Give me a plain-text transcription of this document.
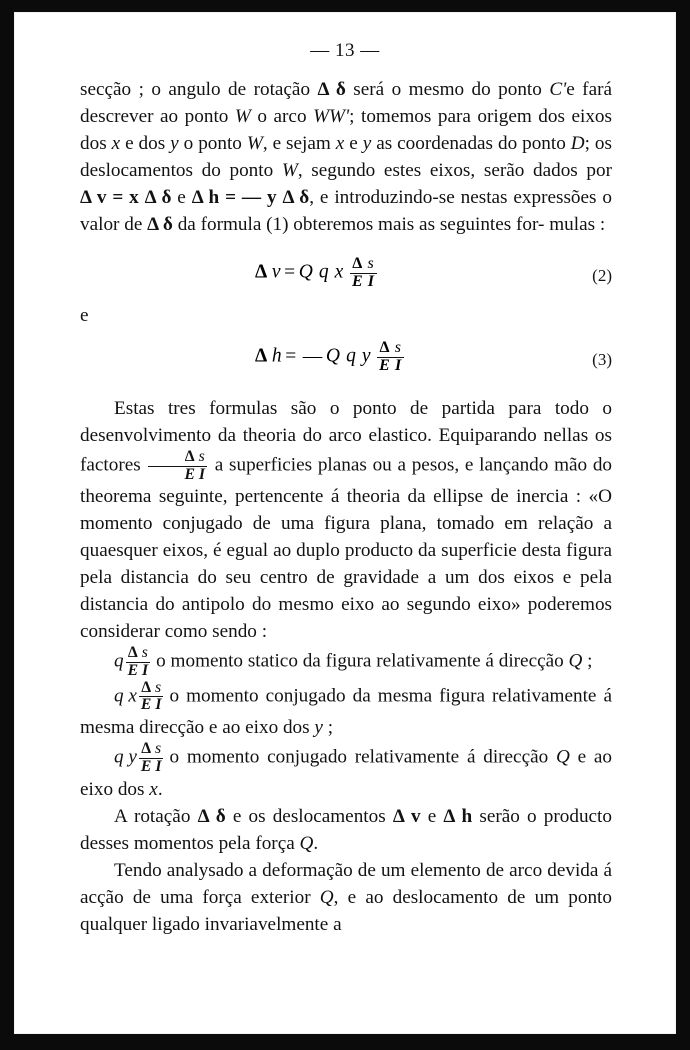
— 13 —

secção ; o angulo de rotação Δ δ será o mesmo do ponto C'e fará descrever ao ponto W o arco WW'; tomemos para origem dos eixos dos x e dos y o ponto W, e sejam x e y as coordenadas do ponto D; os deslocamentos do ponto W, segundo estes eixos, serão dados por Δ v = x Δ δ e Δ h = — y Δ δ, e introduzindo-se nestas expressões o valor de Δ δ da formula (1) obteremos mais as seguintes for- mulas :

Δ v = Q q x $\frac{\text{Δ s}}{\text{E I}}$	(2)

e

Δ h = — Q q y $\frac{\text{Δ s}}{\text{E I}}$	(3)

Estas tres formulas são o ponto de partida para todo o desenvolvimento da theoria do arco elastico. Equiparando nellas os factores $\frac{\text{Δ s}}{\text{E I}}$ a superficies planas ou a pesos, e lançando mão do theorema seguinte, pertencente á theoria da ellipse de inercia : «O momento conjugado de uma figura plana, tomado em relação a quaesquer eixos, é egual ao duplo producto da superficie desta figura pela distancia do seu centro de gravidade a um dos eixos e pela distancia do antipolo do mesmo eixo ao segundo eixo» poderemos considerar como sendo :

q $\frac{\text{Δ s}}{\text{E I}}$ o momento statico da figura relativamente á direcção Q ;

q x $\frac{\text{Δ s}}{\text{E I}}$ o momento conjugado da mesma figura relativamente á mesma direcção e ao eixo dos y ;

q y $\frac{\text{Δ s}}{\text{E I}}$ o momento conjugado relativamente á direcção Q e ao eixo dos x.

A rotação Δ δ e os deslocamentos Δ v e Δ h serão o producto desses momentos pela força Q.

Tendo analysado a deformação de um elemento de arco devida á acção de uma força exterior Q, e ao deslocamento de um ponto qualquer ligado invariavelmente a
